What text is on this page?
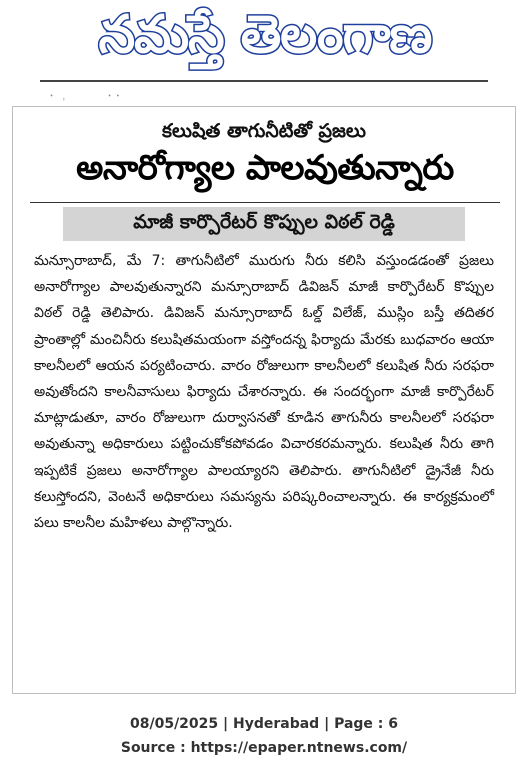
నమస్తే తెలంగాణ
ꞏ  ˌ          ꞏ ꞏ
కలుషిత తాగునీటితో ప్రజలు
అనారోగ్యాల పాలవుతున్నారు
మాజీ కార్పొరేటర్ కొప్పుల విఠల్ రెడ్డి

మన్సూరాబాద్, మే 7: తాగునీటిలో మురుగు నీరు కలిసి వస్తుండడంతో ప్రజలు అనారోగ్యాల పాలవుతున్నారని మన్సూరాబాద్ డివిజన్ మాజీ కార్పొరేటర్ కొప్పుల విఠల్ రెడ్డి తెలిపారు. డివిజన్ మన్సూరాబాద్ ఓల్డ్ విలేజ్, ముస్లిం బస్తీ తదితర ప్రాంతాల్లో మంచినీరు కలుషితమయంగా వస్తోందన్న ఫిర్యాదు మేరకు బుధవారం ఆయా కాలనీలలో ఆయన పర్యటించారు. వారం రోజులుగా కాలనీలలో కలుషిత నీరు సరఫరా అవుతోందని కాలనీవాసులు ఫిర్యాదు చేశారన్నారు. ఈ సందర్భంగా మాజీ కార్పొరేటర్ మాట్లాడుతూ, వారం రోజులుగా దుర్వాసనతో కూడిన తాగునీరు కాలనీలలో సరఫరా అవుతున్నా అధికారులు పట్టించుకోకపోవడం విచారకరమన్నారు. కలుషిత నీరు తాగి ఇప్పటికే ప్రజలు అనారోగ్యాల పాలయ్యారని తెలిపారు. తాగునీటిలో డ్రైనేజీ నీరు కలుస్తోందని, వెంటనే అధికారులు సమస్యను పరిష్కరించాలన్నారు. ఈ కార్యక్రమంలో పలు కాలనీల మహిళలు పాల్గొన్నారు.

08/05/2025 | Hyderabad | Page : 6
Source : https://epaper.ntnews.com/
